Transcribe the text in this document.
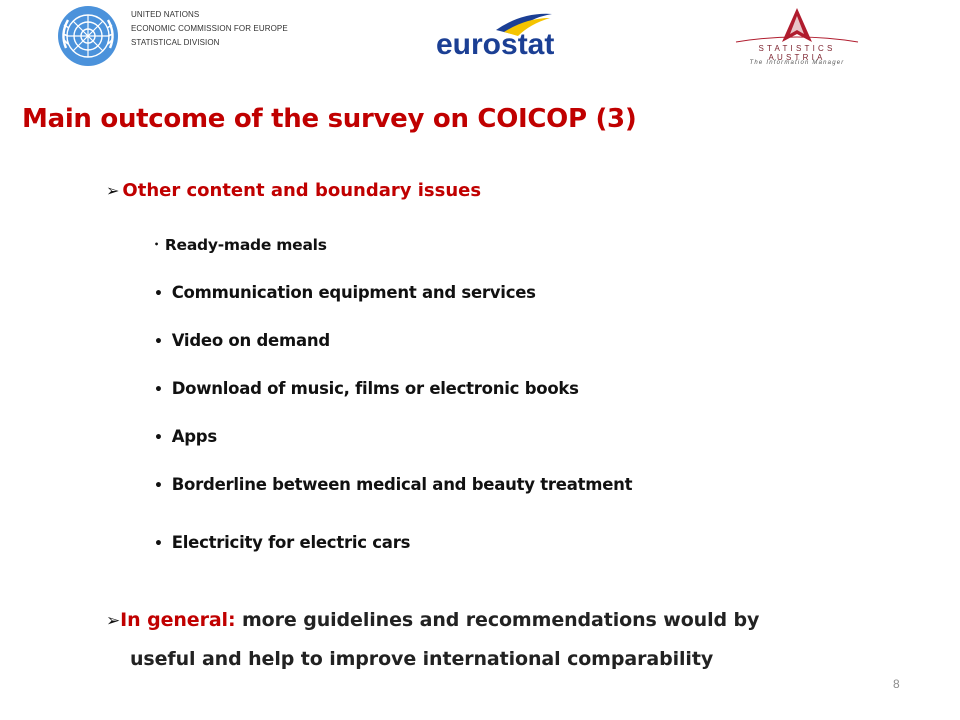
UNITED NATIONS
ECONOMIC COMMISSION FOR EUROPE
STATISTICAL DIVISION	eurostat	STATISTICS AUSTRIA
The Information Manager
Main outcome of the survey on COICOP (3)
➢ Other content and boundary issues
• Ready-made meals
• Communication equipment and services
• Video on demand
• Download of music, films or electronic books
• Apps
• Borderline between medical and beauty treatment
• Electricity for electric cars
➢In general: more guidelines and recommendations would by
useful and help to improve international comparability
8
